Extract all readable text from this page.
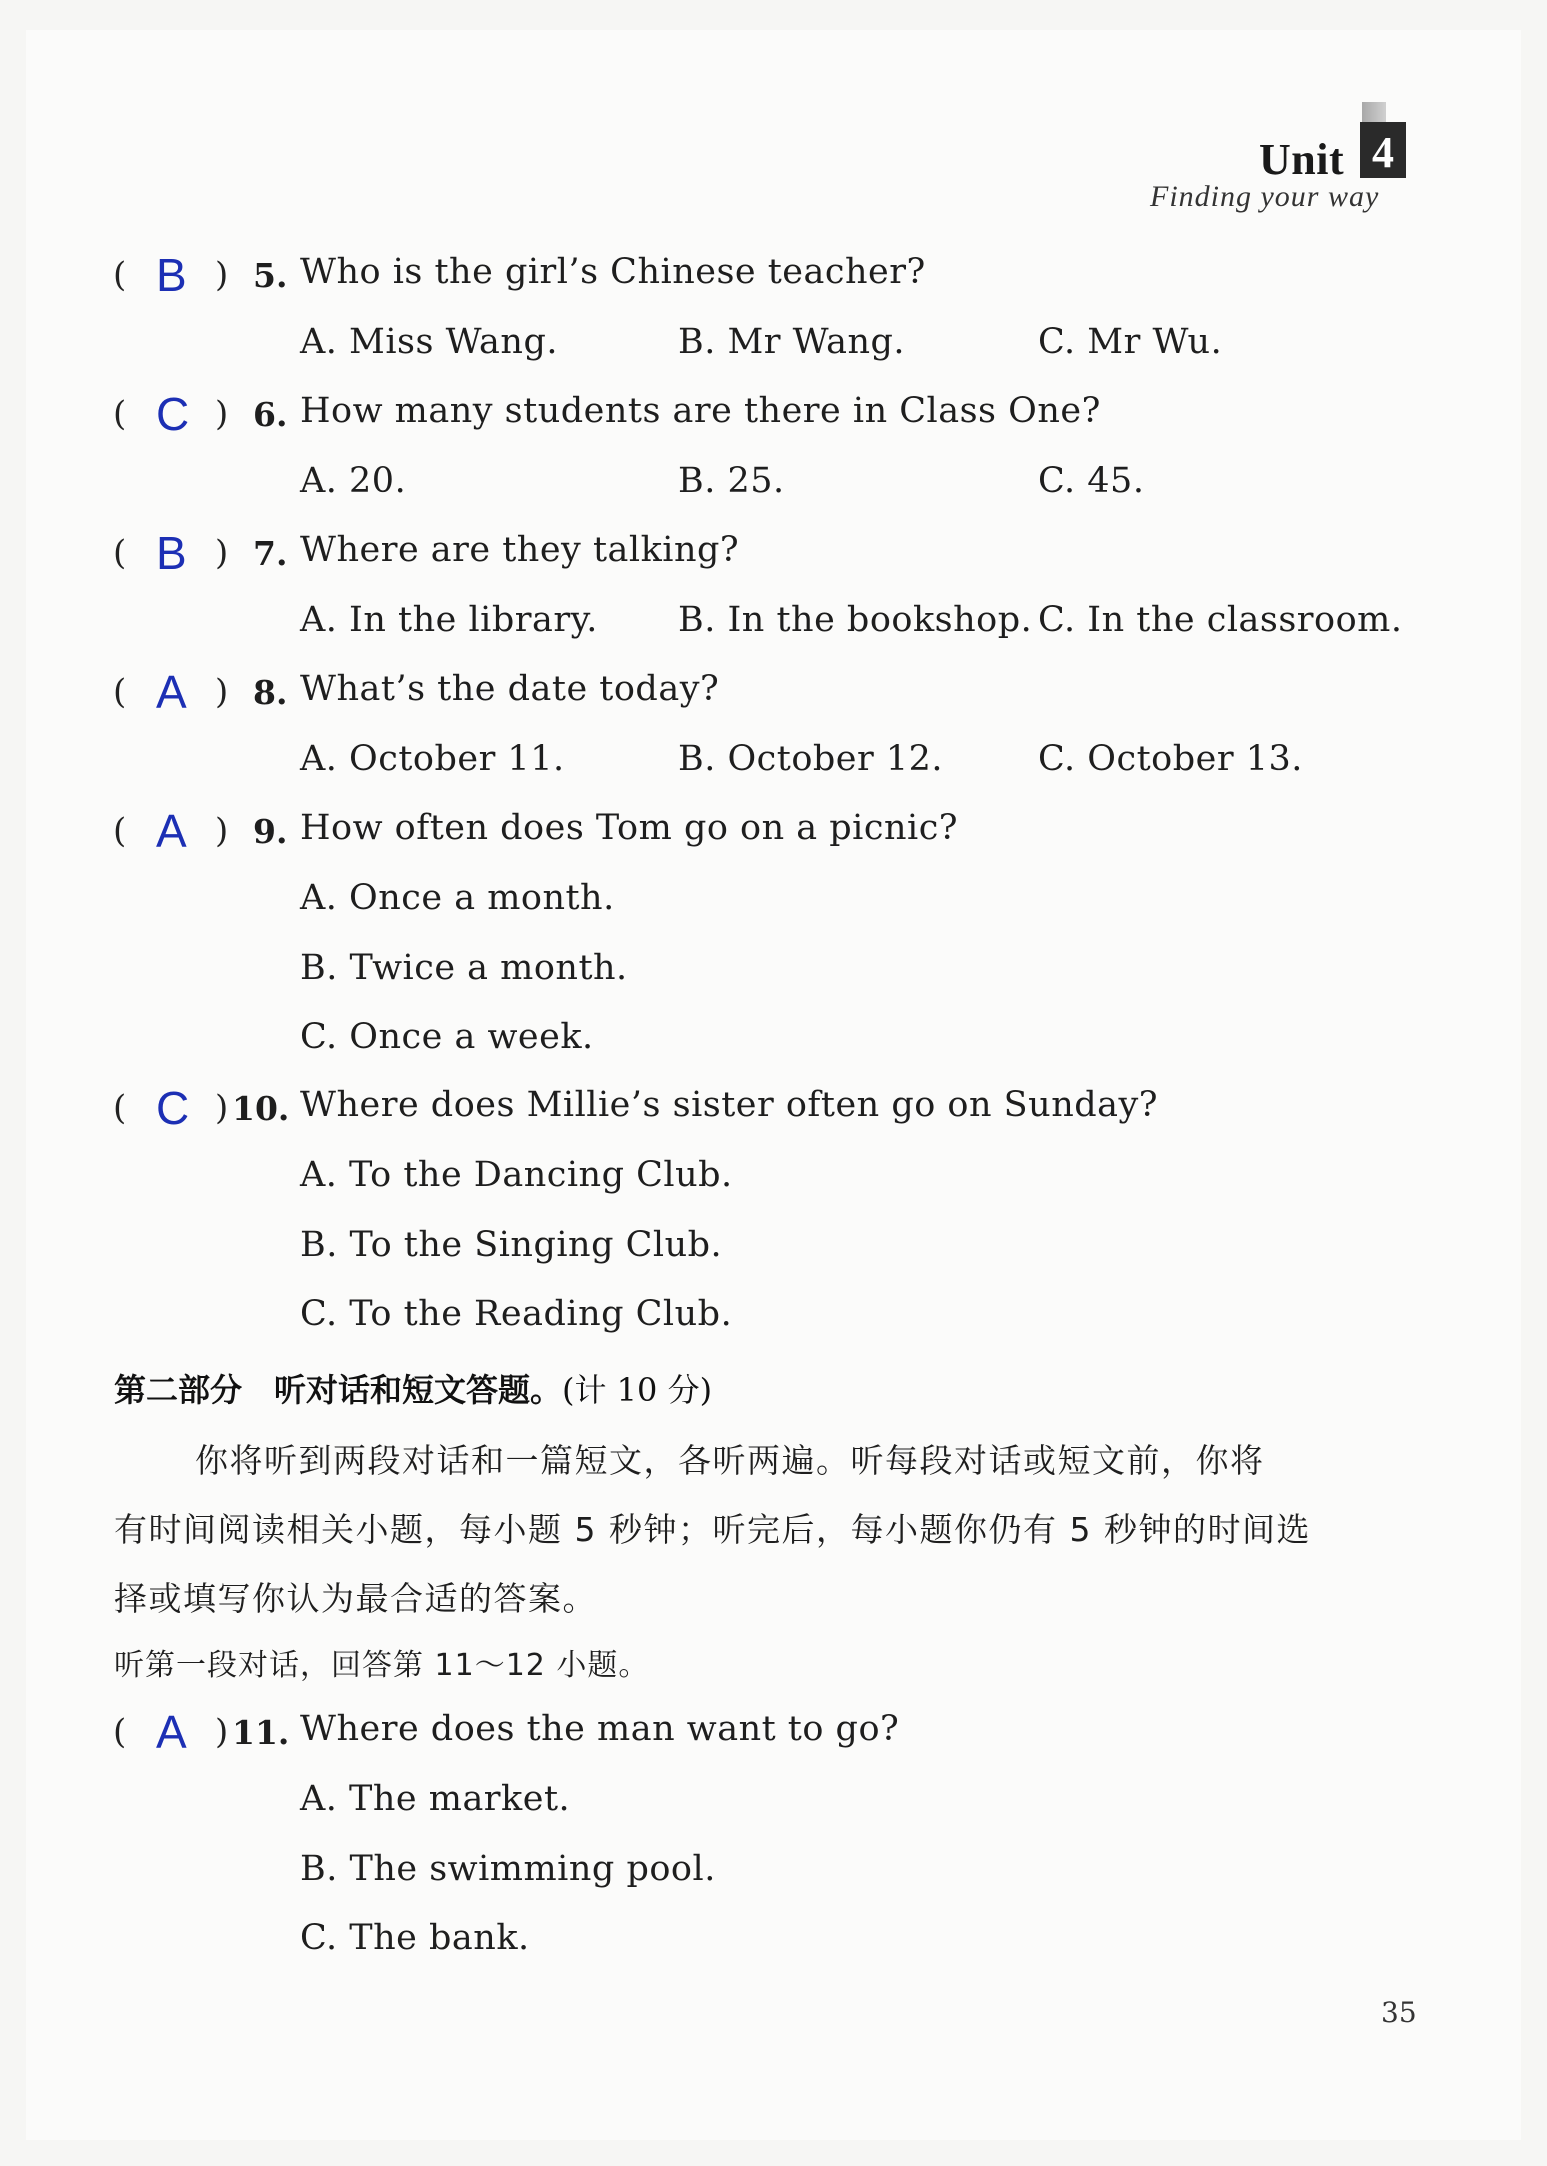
Unit 4
Finding your way
( B ) 5. Who is the girl’s Chinese teacher?
A. Miss Wang.	B. Mr Wang.	C. Mr Wu.
( C ) 6. How many students are there in Class One?
A. 20.	B. 25.	C. 45.
( B ) 7. Where are they talking?
A. In the library. B. In the bookshop. C. In the classroom.
( A ) 8. What’s the date today?
A. October 11.	B. October 12.	C. October 13.
( A ) 9. How often does Tom go on a picnic?
A. Once a month.
B. Twice a month.
C. Once a week.
( C ) 10. Where does Millie’s sister often go on Sunday?
A. To the Dancing Club.
B. To the Singing Club.
C. To the Reading Club.
第二部分　听对话和短文答题。(计 10 分)
你将听到两段对话和一篇短文，各听两遍。听每段对话或短文前，你将
有时间阅读相关小题，每小题 5 秒钟；听完后，每小题你仍有 5 秒钟的时间选
择或填写你认为最合适的答案。
听第一段对话，回答第 11～12 小题。
( A ) 11. Where does the man want to go?
A. The market.
B. The swimming pool.
C. The bank.
35
